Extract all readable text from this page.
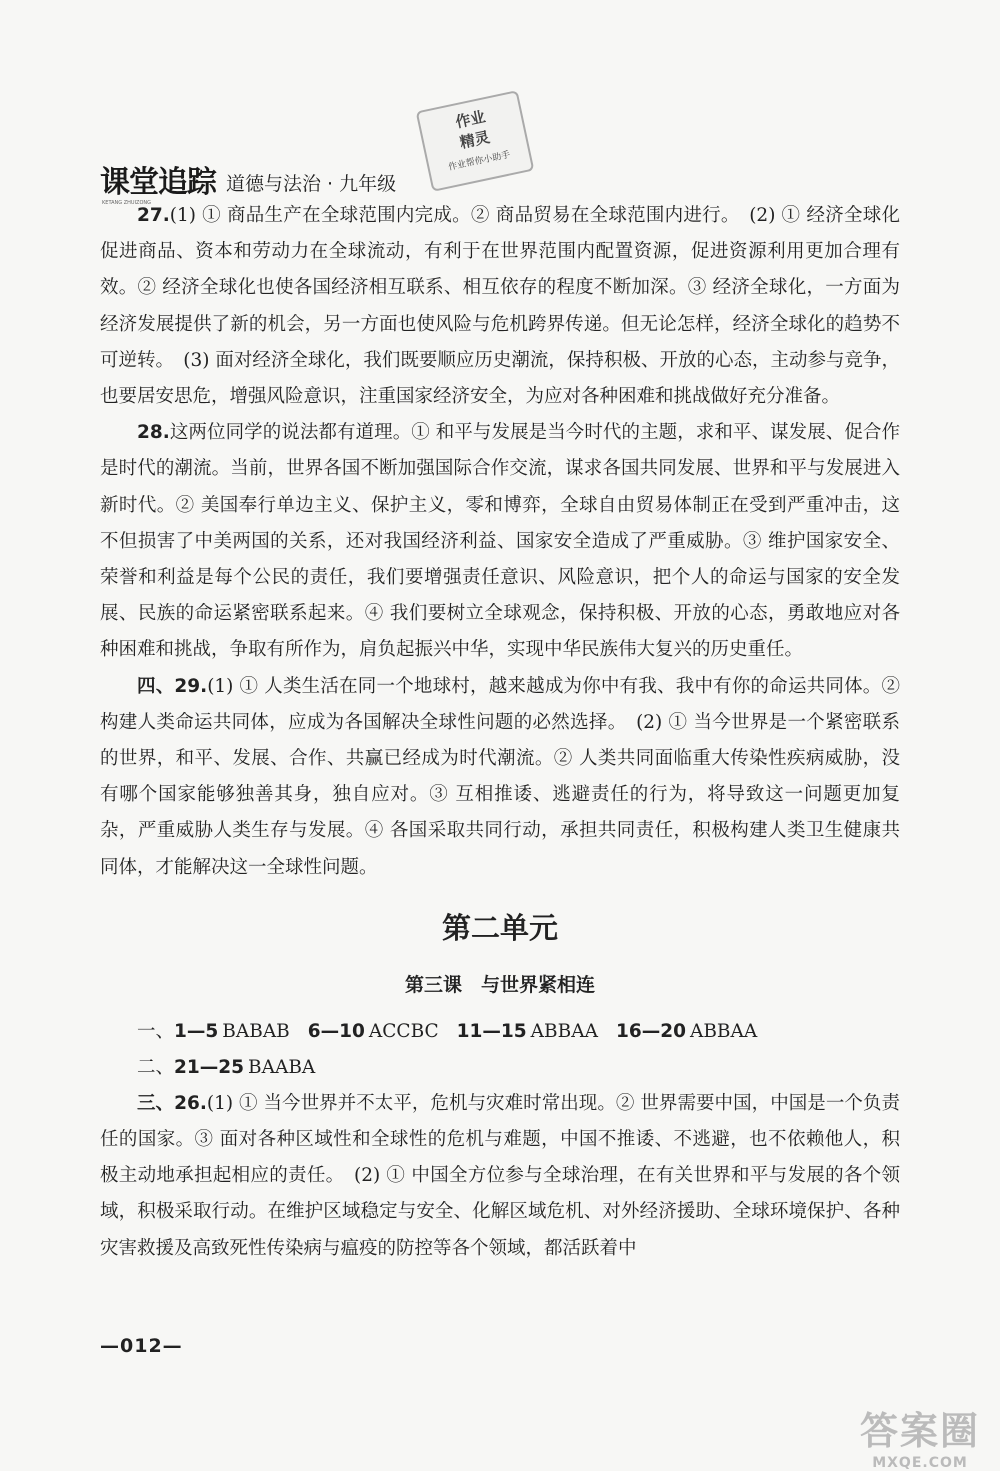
课堂追踪
KETANG ZHUIZONG
道德与法治 · 九年级
作业
精灵
作业帮你小助手

27.(1) ① 商品生产在全球范围内完成。② 商品贸易在全球范围内进行。　(2) ① 经济全球化促进商品、资本和劳动力在全球流动，有利于在世界范围内配置资源，促进资源利用更加合理有效。② 经济全球化也使各国经济相互联系、相互依存的程度不断加深。③ 经济全球化，一方面为经济发展提供了新的机会，另一方面也使风险与危机跨界传递。但无论怎样，经济全球化的趋势不可逆转。　(3) 面对经济全球化，我们既要顺应历史潮流，保持积极、开放的心态，主动参与竞争，也要居安思危，增强风险意识，注重国家经济安全，为应对各种困难和挑战做好充分准备。

28.这两位同学的说法都有道理。① 和平与发展是当今时代的主题，求和平、谋发展、促合作是时代的潮流。当前，世界各国不断加强国际合作交流，谋求各国共同发展、世界和平与发展进入新时代。② 美国奉行单边主义、保护主义，零和博弈，全球自由贸易体制正在受到严重冲击，这不但损害了中美两国的关系，还对我国经济利益、国家安全造成了严重威胁。③ 维护国家安全、荣誉和利益是每个公民的责任，我们要增强责任意识、风险意识，把个人的命运与国家的安全发展、民族的命运紧密联系起来。④ 我们要树立全球观念，保持积极、开放的心态，勇敢地应对各种困难和挑战，争取有所作为，肩负起振兴中华，实现中华民族伟大复兴的历史重任。

四、29.(1) ① 人类生活在同一个地球村，越来越成为你中有我、我中有你的命运共同体。② 构建人类命运共同体，应成为各国解决全球性问题的必然选择。　(2) ① 当今世界是一个紧密联系的世界，和平、发展、合作、共赢已经成为时代潮流。② 人类共同面临重大传染性疾病威胁，没有哪个国家能够独善其身，独自应对。③ 互相推诿、逃避责任的行为，将导致这一问题更加复杂，严重威胁人类生存与发展。④ 各国采取共同行动，承担共同责任，积极构建人类卫生健康共同体，才能解决这一全球性问题。

第二单元
第三课　与世界紧相连

一、1—5 BABAB 6—10 ACCBC 11—15 ABBAA 16—20 ABBAA

二、21—25 BAABA

三、26.(1) ① 当今世界并不太平，危机与灾难时常出现。② 世界需要中国，中国是一个负责任的国家。③ 面对各种区域性和全球性的危机与难题，中国不推诿、不逃避，也不依赖他人，积极主动地承担起相应的责任。　(2) ① 中国全方位参与全球治理，在有关世界和平与发展的各个领域，积极采取行动。在维护区域稳定与安全、化解区域危机、对外经济援助、全球环境保护、各种灾害救援及高致死性传染病与瘟疫的防控等各个领域，都活跃着中

—012—
答案圈
MXQE.COM
